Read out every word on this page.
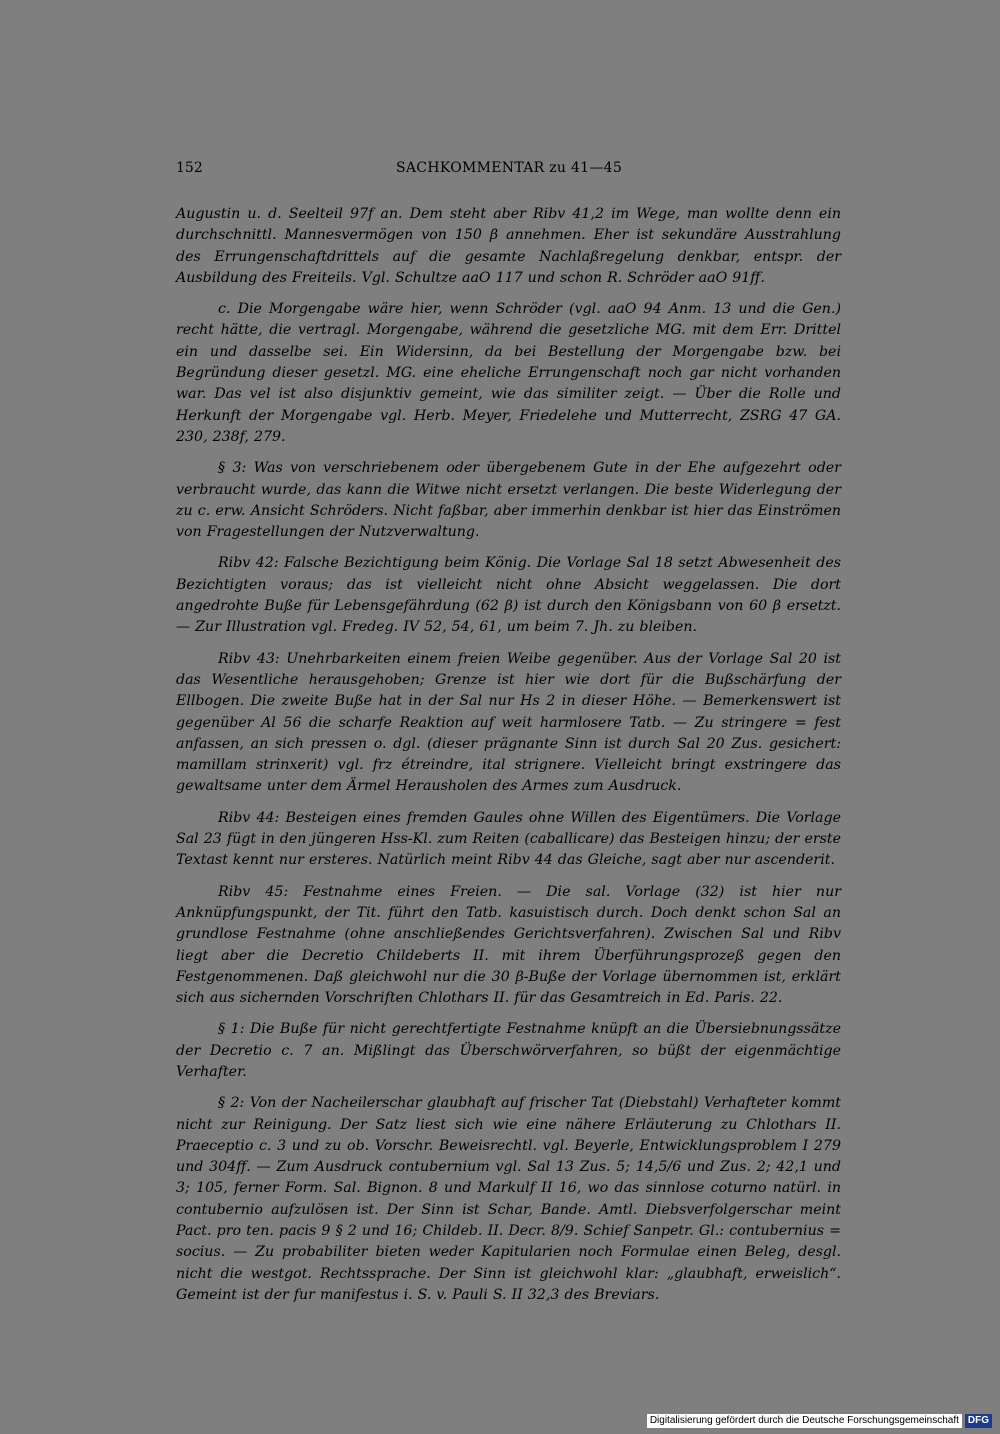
152	SACHKOMMENTAR zu 41—45

Augustin u. d. Seelteil 97f an. Dem steht aber Ribv 41,2 im Wege, man wollte denn ein durchschnittl. Mannesvermögen von 150 β annehmen. Eher ist sekundäre Ausstrahlung des Errungenschaftdrittels auf die gesamte Nachlaßregelung denkbar, entspr. der Ausbildung des Freiteils. Vgl. Schultze aaO 117 und schon R. Schröder aaO 91ff.

c. Die Morgengabe wäre hier, wenn Schröder (vgl. aaO 94 Anm. 13 und die Gen.) recht hätte, die vertragl. Morgengabe, während die gesetzliche MG. mit dem Err. Drittel ein und dasselbe sei. Ein Widersinn, da bei Bestellung der Morgengabe bzw. bei Begründung dieser gesetzl. MG. eine eheliche Errungenschaft noch gar nicht vorhanden war. Das vel ist also disjunktiv gemeint, wie das similiter zeigt. — Über die Rolle und Herkunft der Morgengabe vgl. Herb. Meyer, Friedelehe und Mutterrecht, ZSRG 47 GA. 230, 238f, 279.

§ 3: Was von verschriebenem oder übergebenem Gute in der Ehe aufgezehrt oder verbraucht wurde, das kann die Witwe nicht ersetzt verlangen. Die beste Widerlegung der zu c. erw. Ansicht Schröders. Nicht faßbar, aber immerhin denkbar ist hier das Einströmen von Fragestellungen der Nutzverwaltung.

Ribv 42: Falsche Bezichtigung beim König. Die Vorlage Sal 18 setzt Abwesenheit des Bezichtigten voraus; das ist vielleicht nicht ohne Absicht weggelassen. Die dort angedrohte Buße für Lebensgefährdung (62 β) ist durch den Königsbann von 60 β ersetzt. — Zur Illustration vgl. Fredeg. IV 52, 54, 61, um beim 7. Jh. zu bleiben.

Ribv 43: Unehrbarkeiten einem freien Weibe gegenüber. Aus der Vorlage Sal 20 ist das Wesentliche herausgehoben; Grenze ist hier wie dort für die Bußschärfung der Ellbogen. Die zweite Buße hat in der Sal nur Hs 2 in dieser Höhe. — Bemerkenswert ist gegenüber Al 56 die scharfe Reaktion auf weit harmlosere Tatb. — Zu stringere = fest anfassen, an sich pressen o. dgl. (dieser prägnante Sinn ist durch Sal 20 Zus. gesichert: mamillam strinxerit) vgl. frz étreindre, ital strignere. Vielleicht bringt exstringere das gewaltsame unter dem Ärmel Herausholen des Armes zum Ausdruck.

Ribv 44: Besteigen eines fremden Gaules ohne Willen des Eigentümers. Die Vorlage Sal 23 fügt in den jüngeren Hss-Kl. zum Reiten (caballicare) das Besteigen hinzu; der erste Textast kennt nur ersteres. Natürlich meint Ribv 44 das Gleiche, sagt aber nur ascenderit.

Ribv 45: Festnahme eines Freien. — Die sal. Vorlage (32) ist hier nur Anknüpfungspunkt, der Tit. führt den Tatb. kasuistisch durch. Doch denkt schon Sal an grundlose Festnahme (ohne anschließendes Gerichtsverfahren). Zwischen Sal und Ribv liegt aber die Decretio Childeberts II. mit ihrem Überführungsprozeß gegen den Festgenommenen. Daß gleichwohl nur die 30 β-Buße der Vorlage übernommen ist, erklärt sich aus sichernden Vorschriften Chlothars II. für das Gesamtreich in Ed. Paris. 22.

§ 1: Die Buße für nicht gerechtfertigte Festnahme knüpft an die Übersiebnungssätze der Decretio c. 7 an. Mißlingt das Überschwörverfahren, so büßt der eigenmächtige Verhafter.

§ 2: Von der Nacheilerschar glaubhaft auf frischer Tat (Diebstahl) Verhafteter kommt nicht zur Reinigung. Der Satz liest sich wie eine nähere Erläuterung zu Chlothars II. Praeceptio c. 3 und zu ob. Vorschr. Beweisrechtl. vgl. Beyerle, Entwicklungsproblem I 279 und 304ff. — Zum Ausdruck contubernium vgl. Sal 13 Zus. 5; 14,5/6 und Zus. 2; 42,1 und 3; 105, ferner Form. Sal. Bignon. 8 und Markulf II 16, wo das sinnlose coturno natürl. in contubernio aufzulösen ist. Der Sinn ist Schar, Bande. Amtl. Diebsverfolgerschar meint Pact. pro ten. pacis 9 § 2 und 16; Childeb. II. Decr. 8/9. Schief Sanpetr. Gl.: contubernius = socius. — Zu probabiliter bieten weder Kapitularien noch Formulae einen Beleg, desgl. nicht die westgot. Rechtssprache. Der Sinn ist gleichwohl klar: „glaubhaft, erweislich“. Gemeint ist der fur manifestus i. S. v. Pauli S. II 32,3 des Breviars.

Digitalisierung gefördert durch die Deutsche Forschungsgemeinschaft DFG
